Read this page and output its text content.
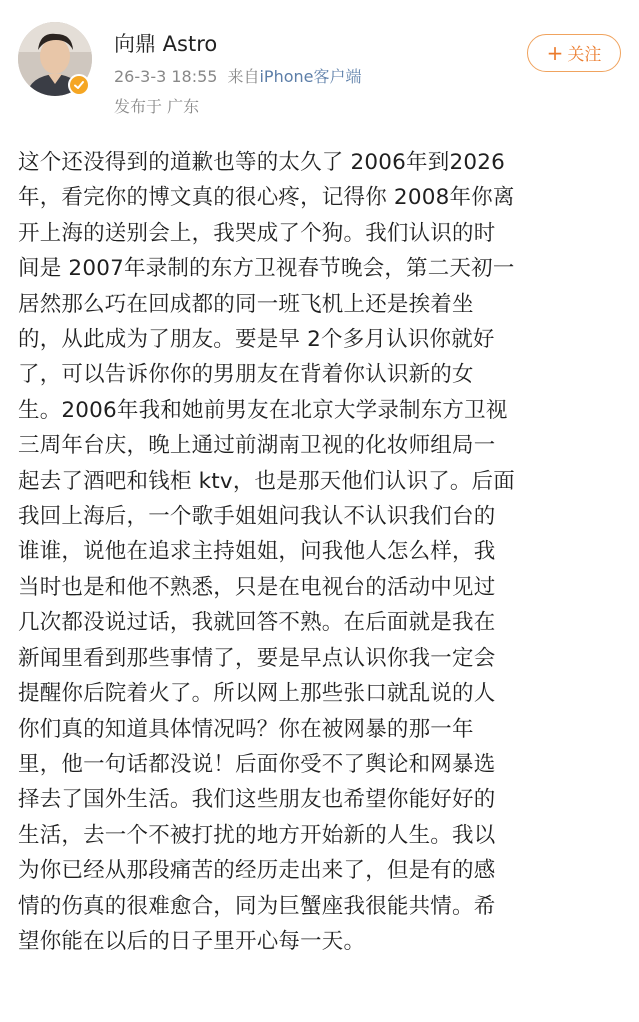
向鼎 Astro
26-3-3 18:55 来自iPhone客户端
发布于 广东
+ 关注
这个还没得到的道歉也等的太久了 2006年到2026
年，看完你的博文真的很心疼，记得你 2008年你离
开上海的送别会上，我哭成了个狗。我们认识的时
间是 2007年录制的东方卫视春节晚会，第二天初一
居然那么巧在回成都的同一班飞机上还是挨着坐
的，从此成为了朋友。要是早 2个多月认识你就好
了，可以告诉你你的男朋友在背着你认识新的女
生。2006年我和她前男友在北京大学录制东方卫视
三周年台庆，晚上通过前湖南卫视的化妆师组局一
起去了酒吧和钱柜 ktv，也是那天他们认识了。后面
我回上海后，一个歌手姐姐问我认不认识我们台的
谁谁，说他在追求主持姐姐，问我他人怎么样，我
当时也是和他不熟悉，只是在电视台的活动中见过
几次都没说过话，我就回答不熟。在后面就是我在
新闻里看到那些事情了，要是早点认识你我一定会
提醒你后院着火了。所以网上那些张口就乱说的人
你们真的知道具体情况吗？你在被网暴的那一年
里，他一句话都没说！后面你受不了舆论和网暴选
择去了国外生活。我们这些朋友也希望你能好好的
生活，去一个不被打扰的地方开始新的人生。我以
为你已经从那段痛苦的经历走出来了，但是有的感
情的伤真的很难愈合，同为巨蟹座我很能共情。希
望你能在以后的日子里开心每一天。
